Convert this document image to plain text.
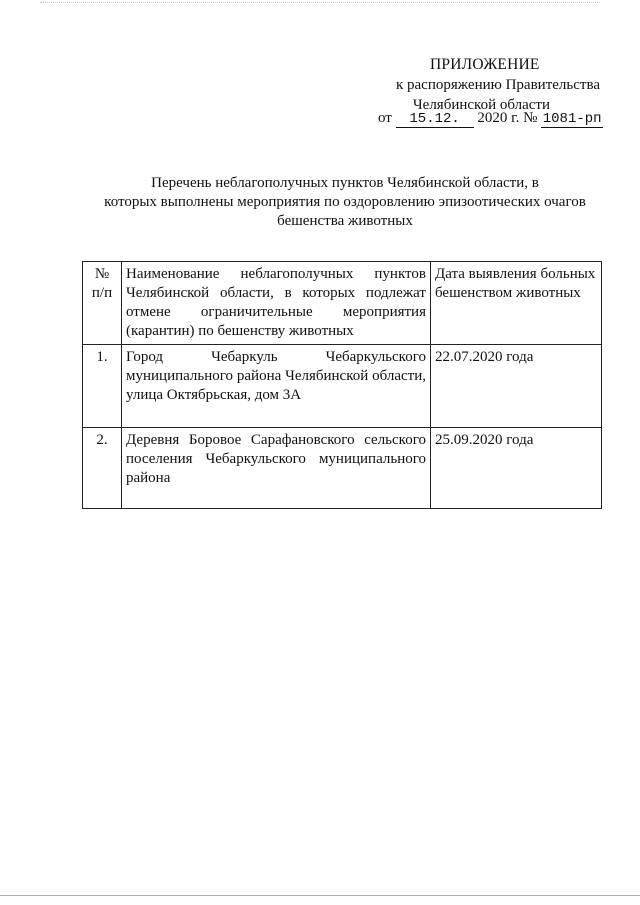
ПРИЛОЖЕНИЕ
к распоряжению Правительства
Челябинской области
от 15.12. 2020 г. № 1081-рп
Перечень неблагополучных пунктов Челябинской области, в
которых выполнены мероприятия по оздоровлению эпизоотических очагов
бешенства животных
№ п/п	Наименование неблагополучных пунктов Челябинской области, в которых подлежат отмене ограничительные мероприятия (карантин) по бешенству животных	Дата выявления больных бешенством животных
1.	Город Чебаркуль Чебаркульского муниципального района Челябинской области, улица Октябрьская, дом 3А	22.07.2020 года
2.	Деревня Боровое Сарафановского сельского поселения Чебаркульского муниципального района	25.09.2020 года
